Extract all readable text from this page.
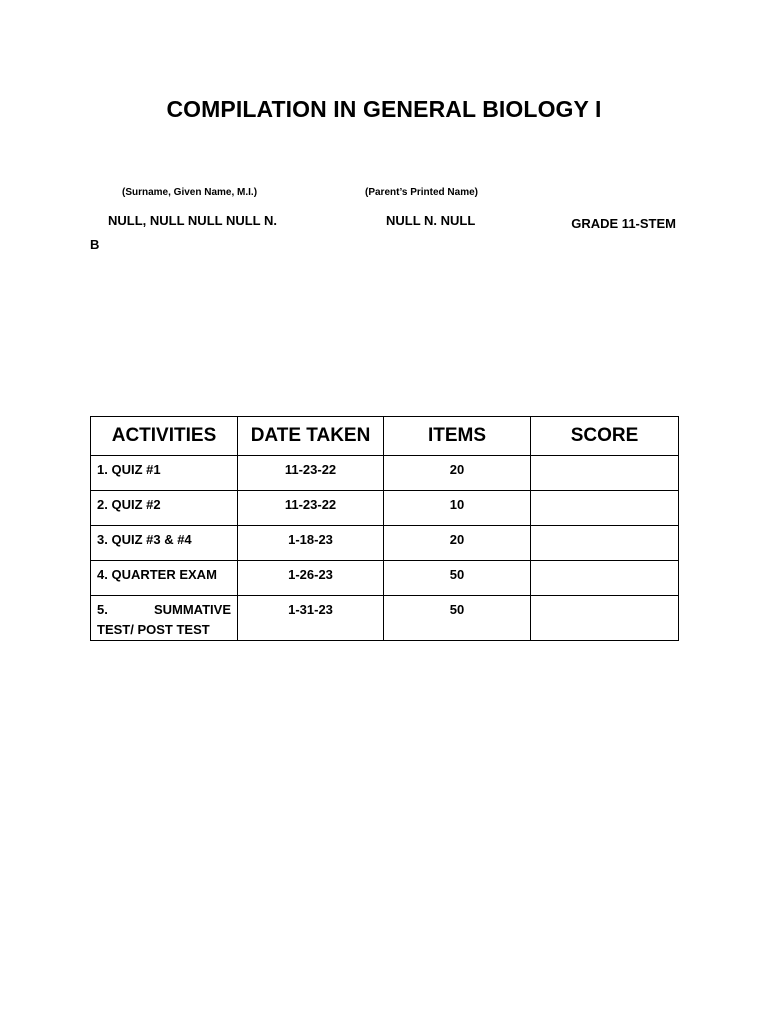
COMPILATION IN GENERAL BIOLOGY I
(Surname, Given Name, M.I.)	(Parent’s Printed Name)
NULL, NULL NULL NULL N.	NULL N. NULL	GRADE 11-STEM
B
ACTIVITIES	DATE TAKEN	ITEMS	SCORE
1. QUIZ #1	11-23-22	20	
2. QUIZ #2	11-23-22	10	
3. QUIZ #3 & #4	1-18-23	20	
4. QUARTER EXAM	1-26-23	50	

5. SUMMATIVE
TEST/ POST TEST	1-31-23	50	
